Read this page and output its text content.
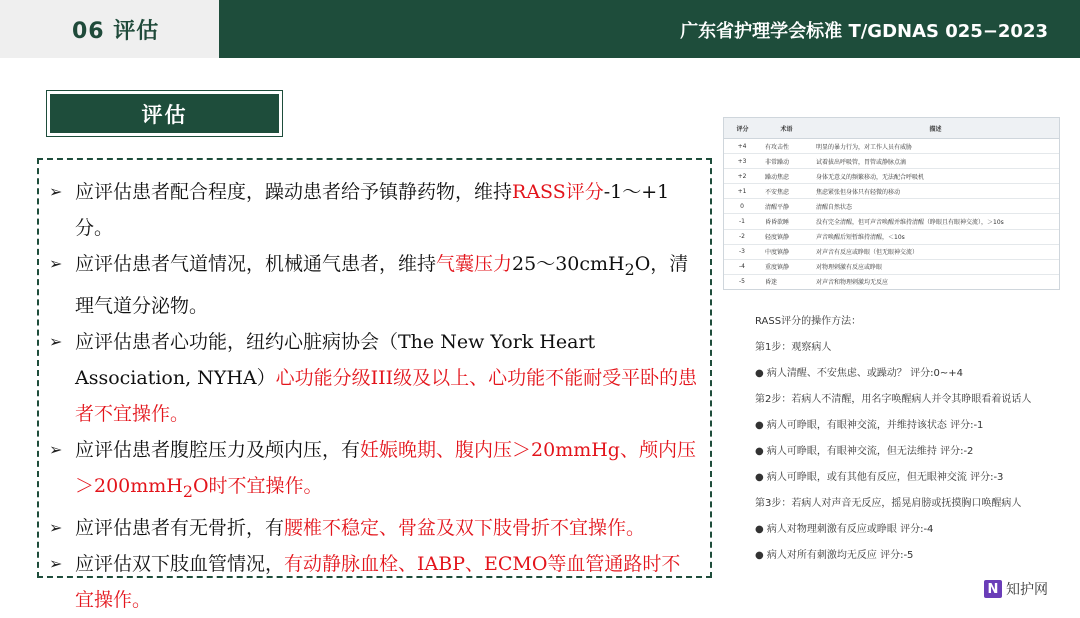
06 评估	广东省护理学会标准 T/GDNAS 025−2023
评估
➢ 应评估患者配合程度，躁动患者给予镇静药物，维持RASS评分-1～+1分。
➢ 应评估患者气道情况，机械通气患者，维持气囊压力25～30cmH$_2$O，清理气道分泌物。
➢ 应评估患者心功能，纽约心脏病协会（The New York Heart Association, NYHA）心功能分级III级及以上、心功能不能耐受平卧的患者不宜操作。
➢ 应评估患者腹腔压力及颅内压，有妊娠晚期、腹内压＞20mmHg、颅内压＞200mmH$_2$O时不宜操作。
➢ 应评估患者有无骨折，有腰椎不稳定、骨盆及双下肢骨折不宜操作。
➢ 应评估双下肢血管情况，有动静脉血栓、IABP、ECMO等血管通路时不宜操作。
评分	术语	描述
+4	有攻击性	明显的暴力行为，对工作人员有威胁
+3	非常躁动	试着拔出呼吸管，胃管或静脉点滴
+2	躁动焦虑	身体无意义的频繁移动，无法配合呼吸机
+1	不安焦虑	焦虑紧张但身体只有轻微的移动
0	清醒平静	清醒自然状态
-1	昏昏欲睡	没有完全清醒，但可声音唤醒并维持清醒（睁眼且有眼神交流），＞10s
-2	轻度镇静	声音唤醒后短暂维持清醒，＜10s
-3	中度镇静	对声音有反应或睁眼（但无眼神交流）
-4	重度镇静	对物理刺激有反应或睁眼
-5	昏迷	对声音和物理刺激均无反应
RASS评分的操作方法：
第1步：观察病人
● 病人清醒、不安焦虑、或躁动？ 评分:0~+4
第2步：若病人不清醒，用名字唤醒病人并令其睁眼看着说话人
● 病人可睁眼，有眼神交流，并维持该状态 评分:-1
● 病人可睁眼，有眼神交流，但无法维持 评分:-2
● 病人可睁眼，或有其他有反应，但无眼神交流 评分:-3
第3步：若病人对声音无反应，摇晃肩膀或抚摸胸口唤醒病人
● 病人对物理刺激有反应或睁眼 评分:-4
● 病人对所有刺激均无反应 评分:-5
N 知护网
